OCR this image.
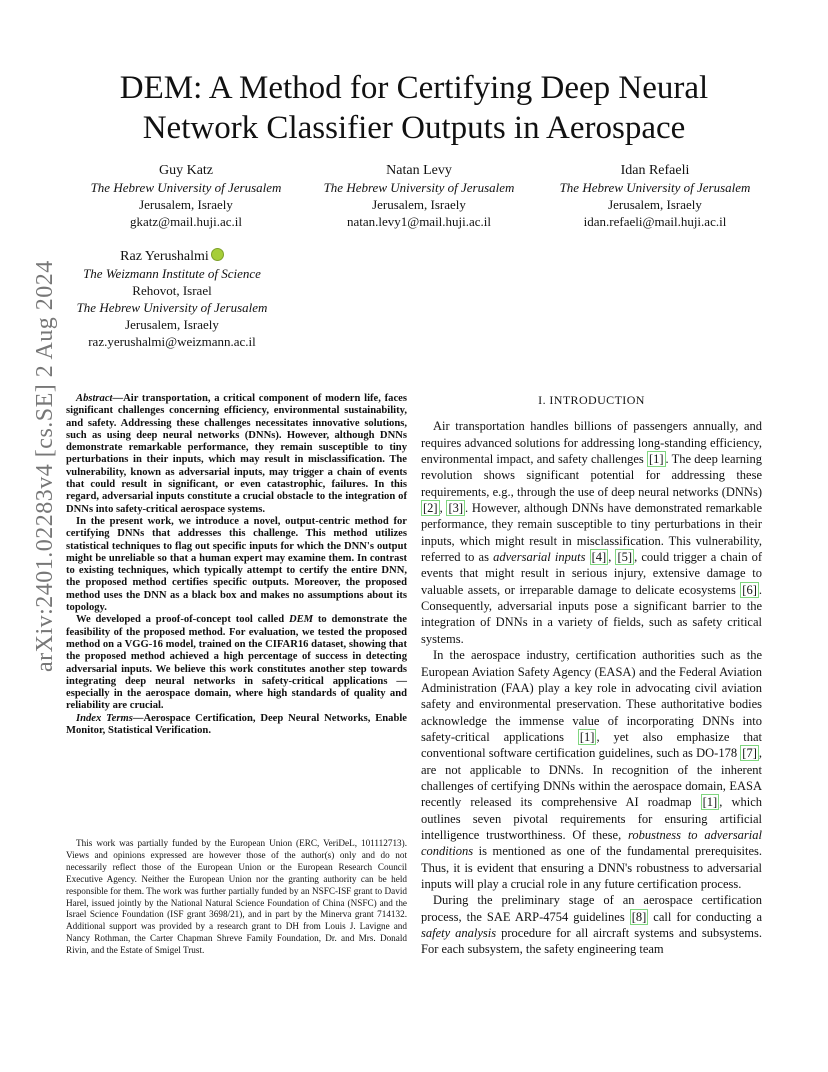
DEM: A Method for Certifying Deep Neural
Network Classifier Outputs in Aerospace
Guy Katz
The Hebrew University of Jerusalem
Jerusalem, Israely
gkatz@mail.huji.ac.il
Natan Levy
The Hebrew University of Jerusalem
Jerusalem, Israely
natan.levy1@mail.huji.ac.il
Idan Refaeli
The Hebrew University of Jerusalem
Jerusalem, Israely
idan.refaeli@mail.huji.ac.il
Raz Yerushalmi
The Weizmann Institute of Science
Rehovot, Israel
The Hebrew University of Jerusalem
Jerusalem, Israely
raz.yerushalmi@weizmann.ac.il
arXiv:2401.02283v4 [cs.SE] 2 Aug 2024	Abstract—Air transportation, a critical component of modern life, faces significant challenges concerning efficiency, environmental sustainability, and safety. Addressing these challenges necessitates innovative solutions, such as using deep neural networks (DNNs). However, although DNNs demonstrate remarkable performance, they remain susceptible to tiny perturbations in their inputs, which may result in misclassification. The vulnerability, known as adversarial inputs, may trigger a chain of events that could result in significant, or even catastrophic, failures. In this regard, adversarial inputs constitute a crucial obstacle to the integration of DNNs into safety-critical aerospace systems.

In the present work, we introduce a novel, output-centric method for certifying DNNs that addresses this challenge. This method utilizes statistical techniques to flag out specific inputs for which the DNN's output might be unreliable so that a human expert may examine them. In contrast to existing techniques, which typically attempt to certify the entire DNN, the proposed method certifies specific outputs. Moreover, the proposed method uses the DNN as a black box and makes no assumptions about its topology.

We developed a proof-of-concept tool called DEM to demonstrate the feasibility of the proposed method. For evaluation, we tested the proposed method on a VGG-16 model, trained on the CIFAR16 dataset, showing that the proposed method achieved a high percentage of success in detecting adversarial inputs. We believe this work constitutes another step towards integrating deep neural networks in safety-critical applications — especially in the aerospace domain, where high standards of quality and reliability are crucial.

Index Terms—Aerospace Certification, Deep Neural Networks, Enable Monitor, Statistical Verification.

This work was partially funded by the European Union (ERC, VeriDeL, 101112713). Views and opinions expressed are however those of the author(s) only and do not necessarily reflect those of the European Union or the European Research Council Executive Agency. Neither the European Union nor the granting authority can be held responsible for them. The work was further partially funded by an NSFC-ISF grant to David Harel, issued jointly by the National Natural Science Foundation of China (NSFC) and the Israel Science Foundation (ISF grant 3698/21), and in part by the Minerva grant 714132. Additional support was provided by a research grant to DH from Louis J. Lavigne and Nancy Rothman, the Carter Chapman Shreve Family Foundation, Dr. and Mrs. Donald Rivin, and the Estate of Smigel Trust.

I. INTRODUCTION

Air transportation handles billions of passengers annually, and requires advanced solutions for addressing long-standing efficiency, environmental impact, and safety challenges [1] . The deep learning revolution shows significant potential for addressing these requirements, e.g., through the use of deep neural networks (DNNs) [2] , [3] . However, although DNNs have demonstrated remarkable performance, they remain susceptible to tiny perturbations in their inputs, which might result in misclassification. This vulnerability, referred to as adversarial inputs [4] , [5] , could trigger a chain of events that might result in serious injury, extensive damage to valuable assets, or irreparable damage to delicate ecosystems [6] . Consequently, adversarial inputs pose a significant barrier to the integration of DNNs in a variety of fields, such as safety critical systems.

In the aerospace industry, certification authorities such as the European Aviation Safety Agency (EASA) and the Federal Aviation Administration (FAA) play a key role in advocating civil aviation safety and environmental preservation. These authoritative bodies acknowledge the immense value of incorporating DNNs into safety-critical applications [1] , yet also emphasize that conventional software certification guidelines, such as DO-178 [7] , are not applicable to DNNs. In recognition of the inherent challenges of certifying DNNs within the aerospace domain, EASA recently released its comprehensive AI roadmap [1] , which outlines seven pivotal requirements for ensuring artificial intelligence trustworthiness. Of these, robustness to adversarial conditions is mentioned as one of the fundamental prerequisites. Thus, it is evident that ensuring a DNN's robustness to adversarial inputs will play a crucial role in any future certification process.

During the preliminary stage of an aerospace certification process, the SAE ARP-4754 guidelines [8] call for conducting a safety analysis procedure for all aircraft systems and subsystems. For each subsystem, the safety engineering team
